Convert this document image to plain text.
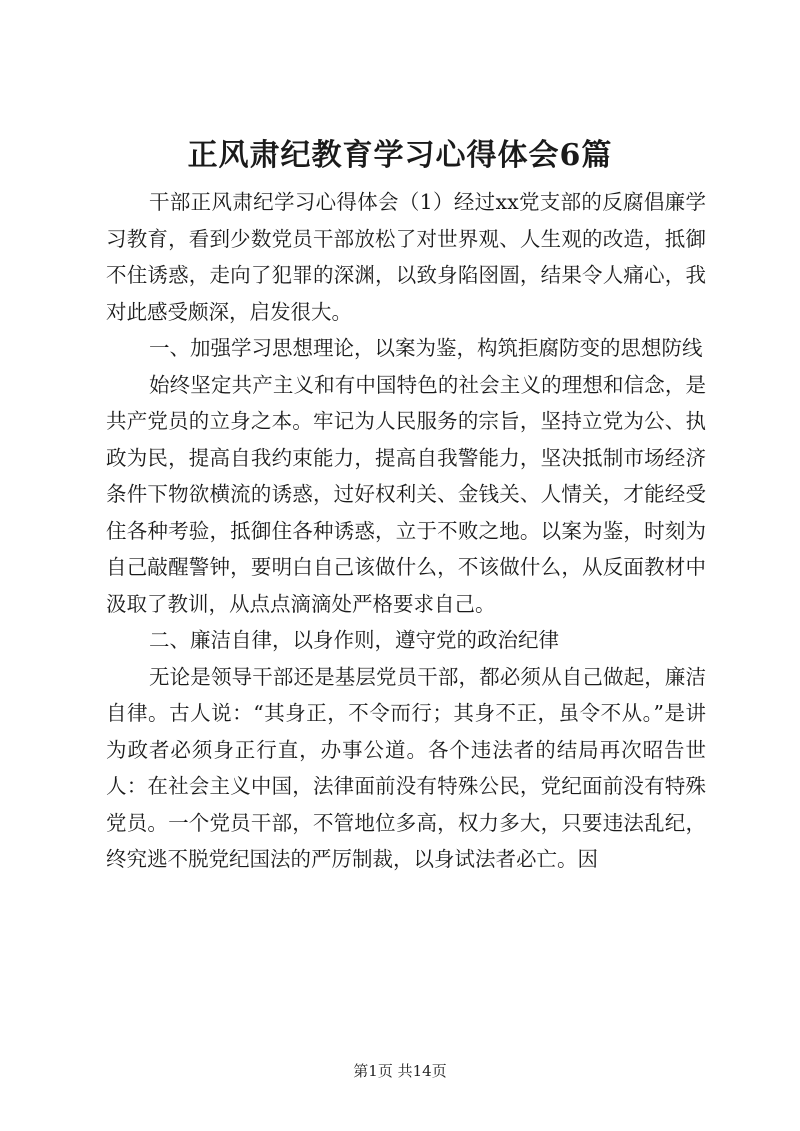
正风肃纪教育学习心得体会6篇

干部正风肃纪学习心得体会（1）经过xx党支部的反腐倡廉学习教育，看到少数党员干部放松了对世界观、人生观的改造，抵御不住诱惑，走向了犯罪的深渊，以致身陷囹圄，结果令人痛心，我对此感受颇深，启发很大。

一、加强学习思想理论，以案为鉴，构筑拒腐防变的思想防线

始终坚定共产主义和有中国特色的社会主义的理想和信念，是共产党员的立身之本。牢记为人民服务的宗旨，坚持立党为公、执政为民，提高自我约束能力，提高自我警能力，坚决抵制市场经济条件下物欲横流的诱惑，过好权利关、金钱关、人情关，才能经受住各种考验，抵御住各种诱惑，立于不败之地。以案为鉴，时刻为自己敲醒警钟，要明白自己该做什么，不该做什么，从反面教材中汲取了教训，从点点滴滴处严格要求自己。

二、廉洁自律，以身作则，遵守党的政治纪律

无论是领导干部还是基层党员干部，都必须从自己做起，廉洁自律。古人说：“其身正，不令而行；其身不正，虽令不从。”是讲为政者必须身正行直，办事公道。各个违法者的结局再次昭告世人：在社会主义中国，法律面前没有特殊公民，党纪面前没有特殊党员。一个党员干部，不管地位多高，权力多大，只要违法乱纪，终究逃不脱党纪国法的严厉制裁，以身试法者必亡。因

第1页 共14页
